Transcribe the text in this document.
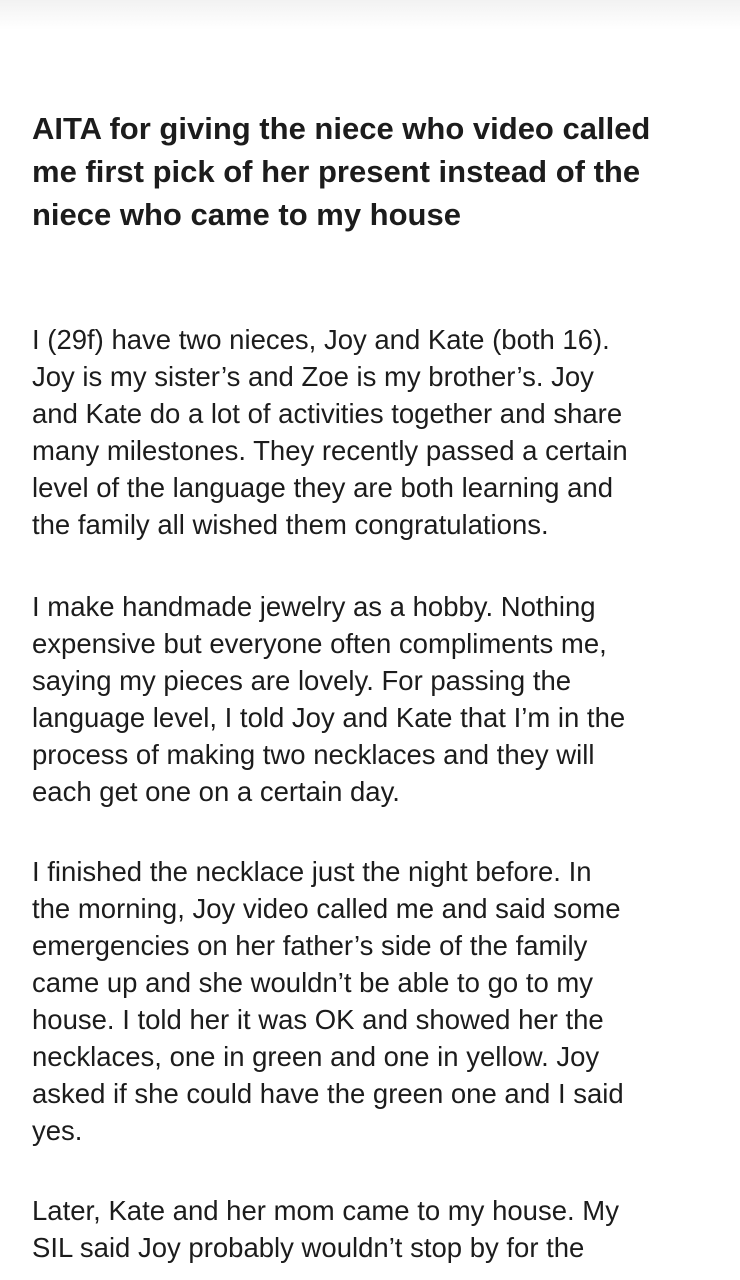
AITA for giving the niece who video called
me first pick of her present instead of the
niece who came to my house

I (29f) have two nieces, Joy and Kate (both 16).
Joy is my sister’s and Zoe is my brother’s. Joy
and Kate do a lot of activities together and share
many milestones. They recently passed a certain
level of the language they are both learning and
the family all wished them congratulations.

I make handmade jewelry as a hobby. Nothing
expensive but everyone often compliments me,
saying my pieces are lovely. For passing the
language level, I told Joy and Kate that I’m in the
process of making two necklaces and they will
each get one on a certain day.

I finished the necklace just the night before. In
the morning, Joy video called me and said some
emergencies on her father’s side of the family
came up and she wouldn’t be able to go to my
house. I told her it was OK and showed her the
necklaces, one in green and one in yellow. Joy
asked if she could have the green one and I said
yes.

Later, Kate and her mom came to my house. My
SIL said Joy probably wouldn’t stop by for the
